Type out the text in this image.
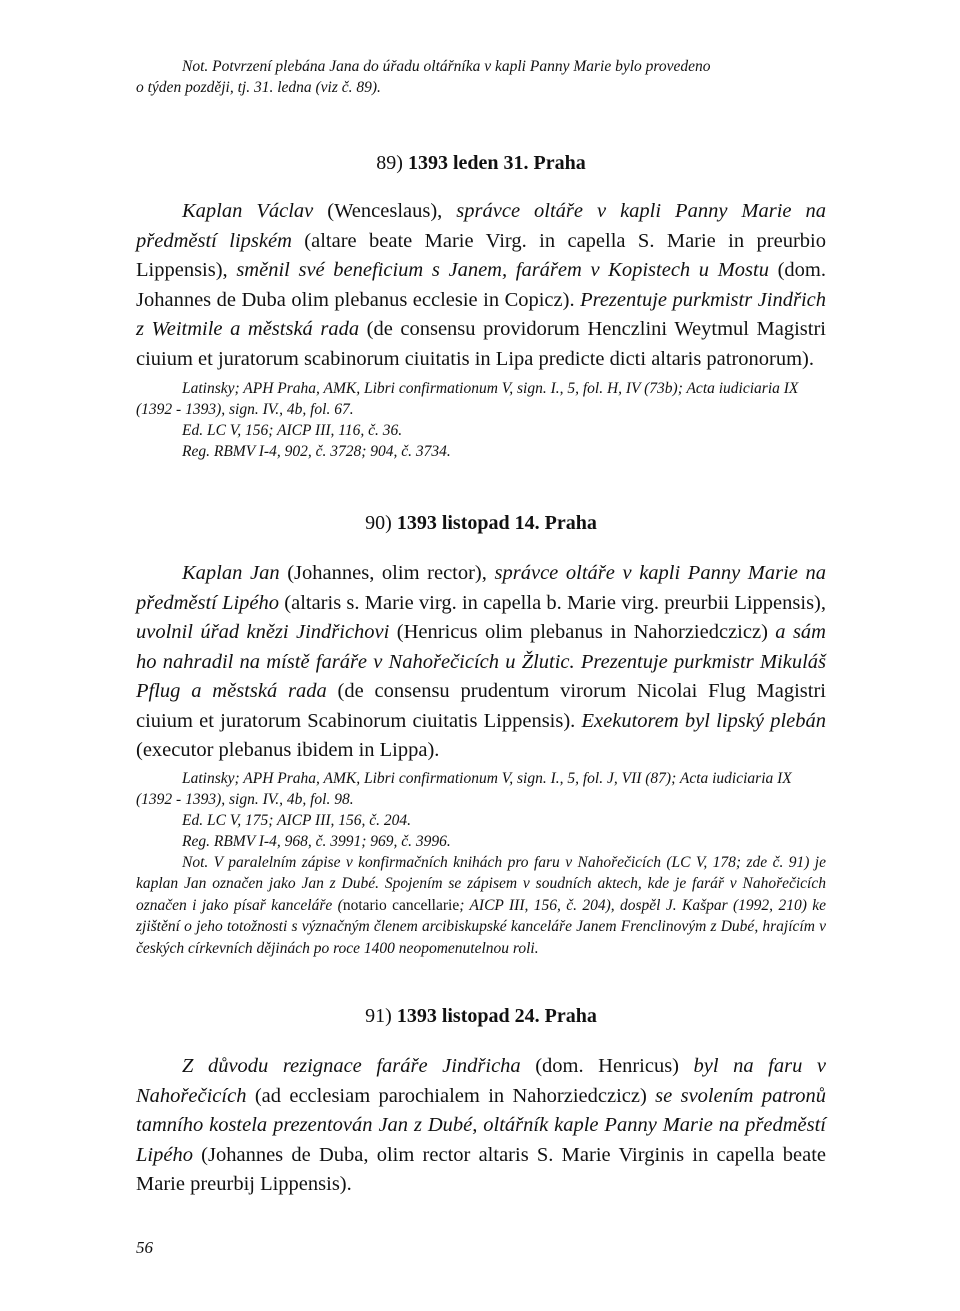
Not. Potvrzení plebána Jana do úřadu oltářníka v kapli Panny Marie bylo provedeno
o týden později, tj. 31. ledna (viz č. 89).

89) 1393 leden 31. Praha

Kaplan Václav (Wenceslaus), správce oltáře v kapli Panny Marie na předměstí lipském (altare beate Marie Virg. in capella S. Marie in preurbio Lippensis), směnil své beneficium s Janem, farářem v Kopistech u Mostu (dom. Johannes de Duba olim plebanus ecclesie in Copicz). Prezentuje purkmistr Jindřich z Weitmile a městská rada (de consensu providorum Henczlini Weytmul Magistri ciuium et juratorum scabinorum ciuitatis in Lipa predicte dicti altaris patronorum).

Latinsky; APH Praha, AMK, Libri confirmationum V, sign. I., 5, fol. H, IV (73b); Acta iudiciaria IX (1392 - 1393), sign. IV., 4b, fol. 67.

Ed. LC V, 156; AICP III, 116, č. 36.

Reg. RBMV I-4, 902, č. 3728; 904, č. 3734.

90) 1393 listopad 14. Praha

Kaplan Jan (Johannes, olim rector), správce oltáře v kapli Panny Marie na předměstí Lipého (altaris s. Marie virg. in capella b. Marie virg. preurbii Lippensis), uvolnil úřad knězi Jindřichovi (Henricus olim plebanus in Nahorziedczicz) a sám ho nahradil na místě faráře v Nahořečicích u Žlutic. Prezentuje purkmistr Mikuláš Pflug a městská rada (de consensu prudentum virorum Nicolai Flug Magistri ciuium et juratorum Scabinorum ciuitatis Lippensis). Exekutorem byl lipský plebán (executor plebanus ibidem in Lippa).

Latinsky; APH Praha, AMK, Libri confirmationum V, sign. I., 5, fol. J, VII (87); Acta iudiciaria IX (1392 - 1393), sign. IV., 4b, fol. 98.

Ed. LC V, 175; AICP III, 156, č. 204.

Reg. RBMV I-4, 968, č. 3991; 969, č. 3996.

Not. V paralelním zápise v konfirmačních knihách pro faru v Nahořečicích (LC V, 178; zde č. 91) je kaplan Jan označen jako Jan z Dubé. Spojením se zápisem v soudních aktech, kde je farář v Nahořečicích označen i jako písař kanceláře (notario cancellarie; AICP III, 156, č. 204), dospěl J. Kašpar (1992, 210) ke zjištění o jeho totožnosti s význačným členem arcibiskupské kanceláře Janem Frenclinovým z Dubé, hrajícím v českých církevních dějinách po roce 1400 neopomenutelnou roli.

91) 1393 listopad 24. Praha

Z důvodu rezignace faráře Jindřicha (dom. Henricus) byl na faru v Nahořečicích (ad ecclesiam parochialem in Nahorziedczicz) se svolením patronů tamního kostela prezentován Jan z Dubé, oltářník kaple Panny Marie na předměstí Lipého (Johannes de Duba, olim rector altaris S. Marie Virginis in capella beate Marie preurbij Lippensis).

56
